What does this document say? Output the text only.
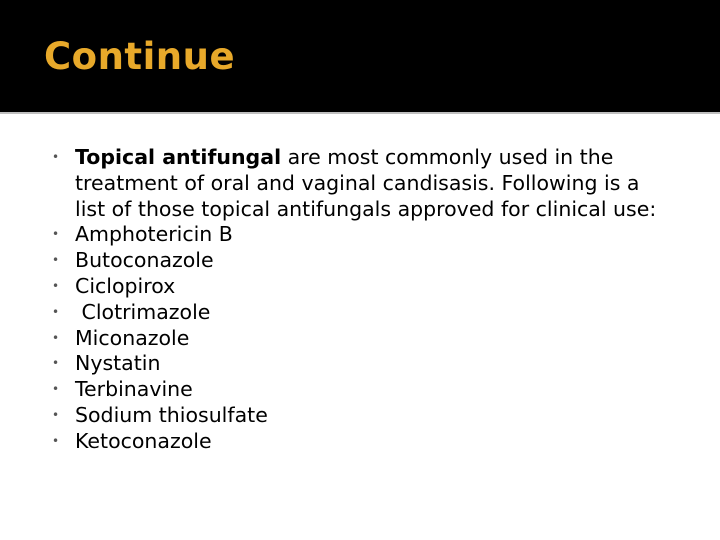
Continue
• Topical antifungal are most commonly used in the treatment of oral and vaginal candisasis. Following is a list of those topical antifungals approved for clinical use:
• Amphotericin B
• Butoconazole
• Ciclopirox
• Clotrimazole
• Miconazole
• Nystatin
• Terbinavine
• Sodium thiosulfate
• Ketoconazole
